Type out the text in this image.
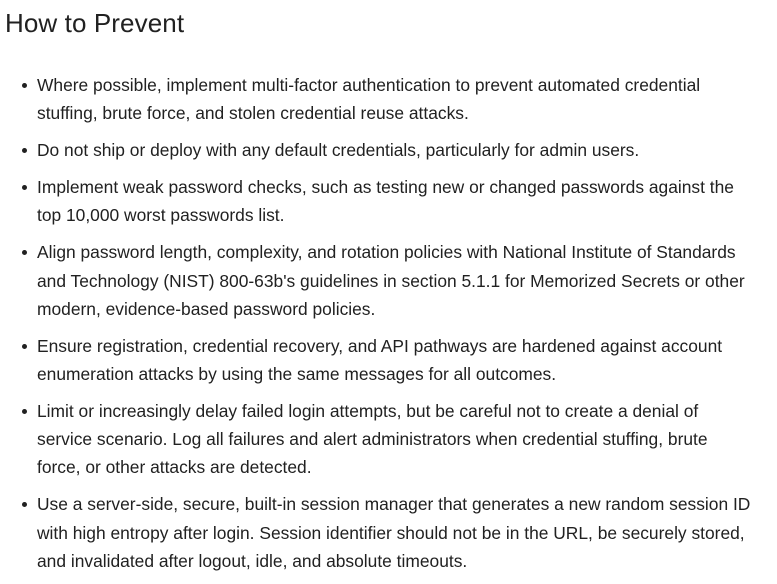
How to Prevent
Where possible, implement multi-factor authentication to prevent automated credential stuffing, brute force, and stolen credential reuse attacks.
Do not ship or deploy with any default credentials, particularly for admin users.
Implement weak password checks, such as testing new or changed passwords against the top 10,000 worst passwords list.
Align password length, complexity, and rotation policies with National Institute of Standards and Technology (NIST) 800-63b's guidelines in section 5.1.1 for Memorized Secrets or other modern, evidence-based password policies.
Ensure registration, credential recovery, and API pathways are hardened against account enumeration attacks by using the same messages for all outcomes.
Limit or increasingly delay failed login attempts, but be careful not to create a denial of service scenario. Log all failures and alert administrators when credential stuffing, brute force, or other attacks are detected.
Use a server-side, secure, built-in session manager that generates a new random session ID with high entropy after login. Session identifier should not be in the URL, be securely stored, and invalidated after logout, idle, and absolute timeouts.
